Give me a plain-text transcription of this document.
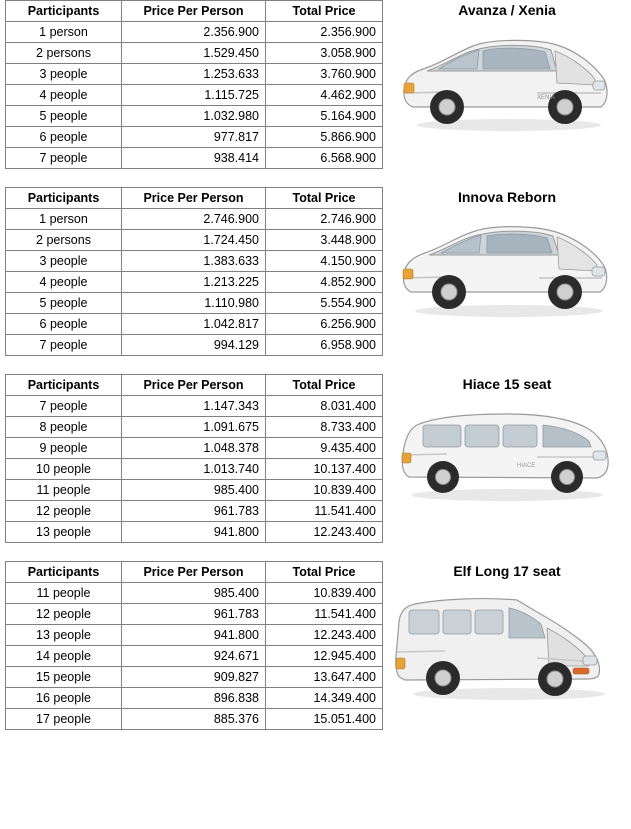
Participants	Price Per Person	Total Price
1 person	2.356.900	2.356.900
2 persons	1.529.450	3.058.900
3 people	1.253.633	3.760.900
4 people	1.115.725	4.462.900
5 people	1.032.980	5.164.900
6 people	977.817	5.866.900
7 people	938.414	6.568.900
Avanza / Xenia
XENIA
Participants	Price Per Person	Total Price
1 person	2.746.900	2.746.900
2 persons	1.724.450	3.448.900
3 people	1.383.633	4.150.900
4 people	1.213.225	4.852.900
5 people	1.110.980	5.554.900
6 people	1.042.817	6.256.900
7 people	994.129	6.958.900
Innova Reborn
Participants	Price Per Person	Total Price
7 people	1.147.343	8.031.400
8 people	1.091.675	8.733.400
9 people	1.048.378	9.435.400
10 people	1.013.740	10.137.400
11 people	985.400	10.839.400
12 people	961.783	11.541.400
13 people	941.800	12.243.400
Hiace 15 seat
HIACE
Participants	Price Per Person	Total Price
11 people	985.400	10.839.400
12 people	961.783	11.541.400
13 people	941.800	12.243.400
14 people	924.671	12.945.400
15 people	909.827	13.647.400
16 people	896.838	14.349.400
17 people	885.376	15.051.400
Elf Long 17 seat
